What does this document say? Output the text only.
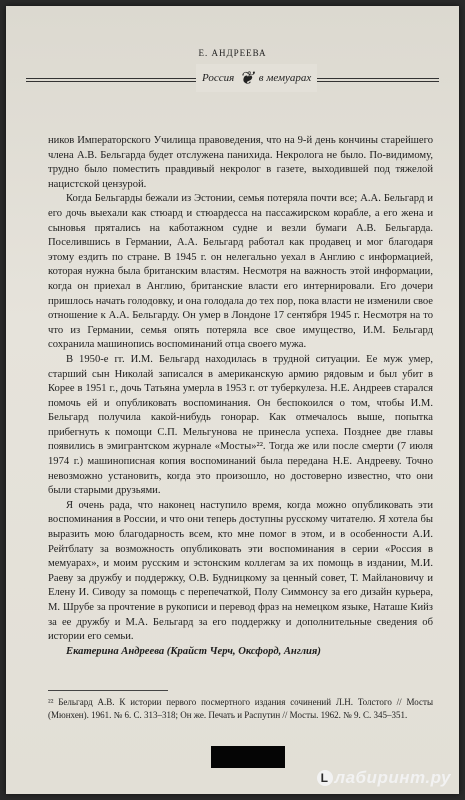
Е. АНДРЕЕВА
Россия ❦ в мемуарах

ников Императорского Училища правоведения, что на 9-й день кончины старейшего члена А.В. Бельгарда будет отслужена панихида. Некролога не было. По-видимому, трудно было поместить правдивый некролог в газете, выходившей под тяжелой нацистской цензурой.

Когда Бельгарды бежали из Эстонии, семья потеряла почти все; А.А. Бельгард и его дочь выехали как стюард и стюардесса на пассажирском корабле, а его жена и сыновья прятались на каботажном судне и везли бумаги А.В. Бельгарда. Поселившись в Германии, А.А. Бельгард работал как продавец и мог благодаря этому ездить по стране. В 1945 г. он нелегально уехал в Англию с информацией, которая нужна была британским властям. Несмотря на важность этой информации, когда он приехал в Англию, британские власти его интернировали. Его дочери пришлось начать голодовку, и она голодала до тех пор, пока власти не изменили свое отношение к А.А. Бельгарду. Он умер в Лондоне 17 сентября 1945 г. Несмотря на то что из Германии, семья опять потеряла все свое имущество, И.М. Бельгард сохранила машинопись воспоминаний отца своего мужа.

В 1950-е гг. И.М. Бельгард находилась в трудной ситуации. Ее муж умер, старший сын Николай записался в американскую армию рядовым и был убит в Корее в 1951 г., дочь Татьяна умерла в 1953 г. от туберкулеза. Н.Е. Андреев старался помочь ей и опубликовать воспоминания. Он беспокоился о том, чтобы И.М. Бельгард получила какой-нибудь гонорар. Как отмечалось выше, попытка прибегнуть к помощи С.П. Мельгунова не принесла успеха. Позднее две главы появились в эмигрантском журнале «Мосты»²². Тогда же или после смерти (7 июля 1974 г.) машинописная копия воспоминаний была передана Н.Е. Андрееву. Точно невозможно установить, когда это произошло, но достоверно известно, что они были старыми друзьями.

Я очень рада, что наконец наступило время, когда можно опубликовать эти воспоминания в России, и что они теперь доступны русскому читателю. Я хотела бы выразить мою благодарность всем, кто мне помог в этом, и в особенности А.И. Рейтблату за возможность опубликовать эти воспоминания в серии «Россия в мемуарах», и моим русским и эстонским коллегам за их помощь в издании, М.И. Раеву за дружбу и поддержку, О.В. Будницкому за ценный совет, Т. Майлановичу и Елену И. Сиводу за помощь с перепечаткой, Полу Симмонсу за его дизайн курьера, М. Шрубе за прочтение в рукописи и перевод фраз на немецком языке, Наташе Кийз за ее дружбу и М.А. Бельгард за его поддержку и дополнительные сведения об истории его семьи.

Екатерина Андреева (Крайст Черч, Оксфорд, Англия)

²² Бельгард А.В. К истории первого посмертного издания сочинений Л.Н. Толстого // Мосты (Мюнхен). 1961. № 6. С. 313–318; Он же. Печать и Распутин // Мосты. 1962. № 9. С. 345–351.
L лабиринт.ру
